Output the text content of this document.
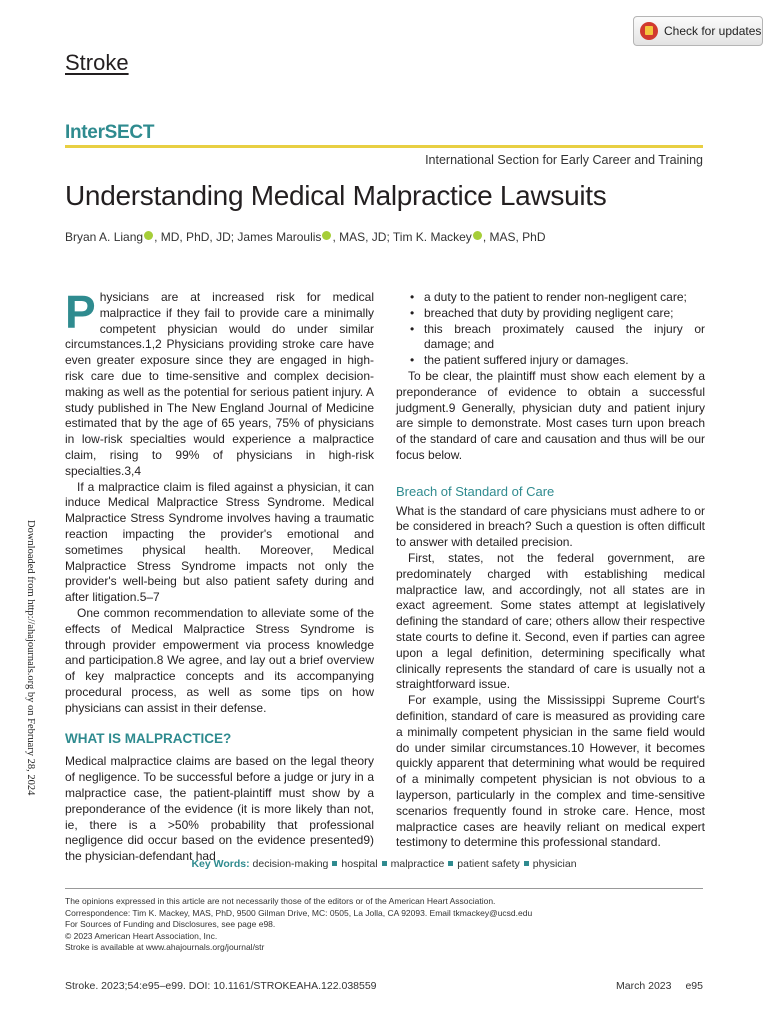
Stroke
Check for updates
InterSECT
International Section for Early Career and Training
Understanding Medical Malpractice Lawsuits
Bryan A. Liang , MD, PhD, JD; James Maroulis , MAS, JD; Tim K. Mackey , MAS, PhD
Downloaded from http://ahajournals.org by on February 28, 2024

Physicians are at increased risk for medical malpractice if they fail to provide care a minimally competent physician would do under similar circumstances.1,2 Physicians providing stroke care have even greater exposure since they are engaged in high-risk care due to time-sensitive and complex decision-making as well as the potential for serious patient injury. A study published in The New England Journal of Medicine estimated that by the age of 65 years, 75% of physicians in low-risk specialties would experience a malpractice claim, rising to 99% of physicians in high-risk specialties.3,4

If a malpractice claim is filed against a physician, it can induce Medical Malpractice Stress Syndrome. Medical Malpractice Stress Syndrome involves having a traumatic reaction impacting the provider's emotional and sometimes physical health. Moreover, Medical Malpractice Stress Syndrome impacts not only the provider's well-being but also patient safety during and after litigation.5–7

One common recommendation to alleviate some of the effects of Medical Malpractice Stress Syndrome is through provider empowerment via process knowledge and participation.8 We agree, and lay out a brief overview of key malpractice concepts and its accompanying procedural process, as well as some tips on how physicians can assist in their defense.

WHAT IS MALPRACTICE?

Medical malpractice claims are based on the legal theory of negligence. To be successful before a judge or jury in a malpractice case, the patient-plaintiff must show by a preponderance of the evidence (it is more likely than not, ie, there is a >50% probability that professional negligence did occur based on the evidence presented9) the physician-defendant had

• a duty to the patient to render non-negligent care;
• breached that duty by providing negligent care;
• this breach proximately caused the injury or damage; and
• the patient suffered injury or damages.

To be clear, the plaintiff must show each element by a preponderance of evidence to obtain a successful judgment.9 Generally, physician duty and patient injury are simple to demonstrate. Most cases turn upon breach of the standard of care and causation and thus will be our focus below.

Breach of Standard of Care

What is the standard of care physicians must adhere to or be considered in breach? Such a question is often difficult to answer with detailed precision.

First, states, not the federal government, are predominately charged with establishing medical malpractice law, and accordingly, not all states are in exact agreement. Some states attempt at legislatively defining the standard of care; others allow their respective state courts to define it. Second, even if parties can agree upon a legal definition, determining specifically what clinically represents the standard of care is usually not a straightforward issue.

For example, using the Mississippi Supreme Court's definition, standard of care is measured as providing care a minimally competent physician in the same field would do under similar circumstances.10 However, it becomes quickly apparent that determining what would be required of a minimally competent physician is not obvious to a layperson, particularly in the complex and time-sensitive scenarios frequently found in stroke care. Hence, most malpractice cases are heavily reliant on medical expert testimony to determine this professional standard.

Key Words: decision-making hospital malpractice patient safety physician
The opinions expressed in this article are not necessarily those of the editors or of the American Heart Association.
Correspondence: Tim K. Mackey, MAS, PhD, 9500 Gilman Drive, MC: 0505, La Jolla, CA 92093. Email tkmackey@ucsd.edu
For Sources of Funding and Disclosures, see page e98.
© 2023 American Heart Association, Inc.
Stroke is available at www.ahajournals.org/journal/str
Stroke. 2023;54:e95–e99. DOI: 10.1161/STROKEAHA.122.038559	March 2023 e95
